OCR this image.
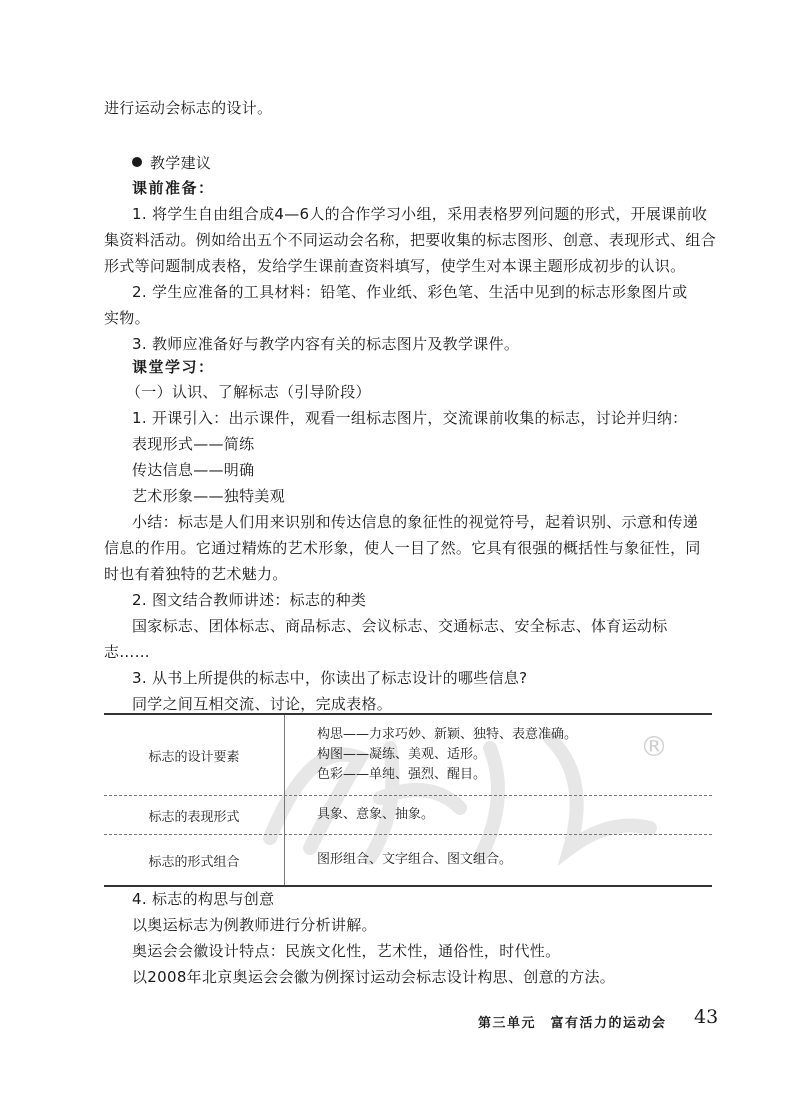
进行运动会标志的设计。
教学建议
课前准备：
1. 将学生自由组合成4—6人的合作学习小组，采用表格罗列问题的形式，开展课前收
集资料活动。例如给出五个不同运动会名称，把要收集的标志图形、创意、表现形式、组合
形式等问题制成表格，发给学生课前查资料填写，使学生对本课主题形成初步的认识。
2. 学生应准备的工具材料：铅笔、作业纸、彩色笔、生活中见到的标志形象图片或
实物。
3. 教师应准备好与教学内容有关的标志图片及教学课件。
课堂学习：
（一）认识、了解标志（引导阶段）
1. 开课引入：出示课件，观看一组标志图片，交流课前收集的标志，讨论并归纳：
表现形式——简练
传达信息——明确
艺术形象——独特美观
小结：标志是人们用来识别和传达信息的象征性的视觉符号，起着识别、示意和传递
信息的作用。它通过精炼的艺术形象，使人一目了然。它具有很强的概括性与象征性，同
时也有着独特的艺术魅力。
2. 图文结合教师讲述：标志的种类
国家标志、团体标志、商品标志、会议标志、交通标志、安全标志、体育运动标
志……
3. 从书上所提供的标志中，你读出了标志设计的哪些信息?
同学之间互相交流、讨论，完成表格。
®
标志的设计要素
构思——力求巧妙、新颖、独特、表意准确。
构图——凝练、美观、适形。
色彩——单纯、强烈、醒目。
标志的表现形式	具象、意象、抽象。
标志的形式组合	图形组合、文字组合、图文组合。
4. 标志的构思与创意
以奥运标志为例教师进行分析讲解。
奥运会会徽设计特点：民族文化性，艺术性，通俗性，时代性。
以2008年北京奥运会会徽为例探讨运动会标志设计构思、创意的方法。
第三单元　富有活力的运动会 43
